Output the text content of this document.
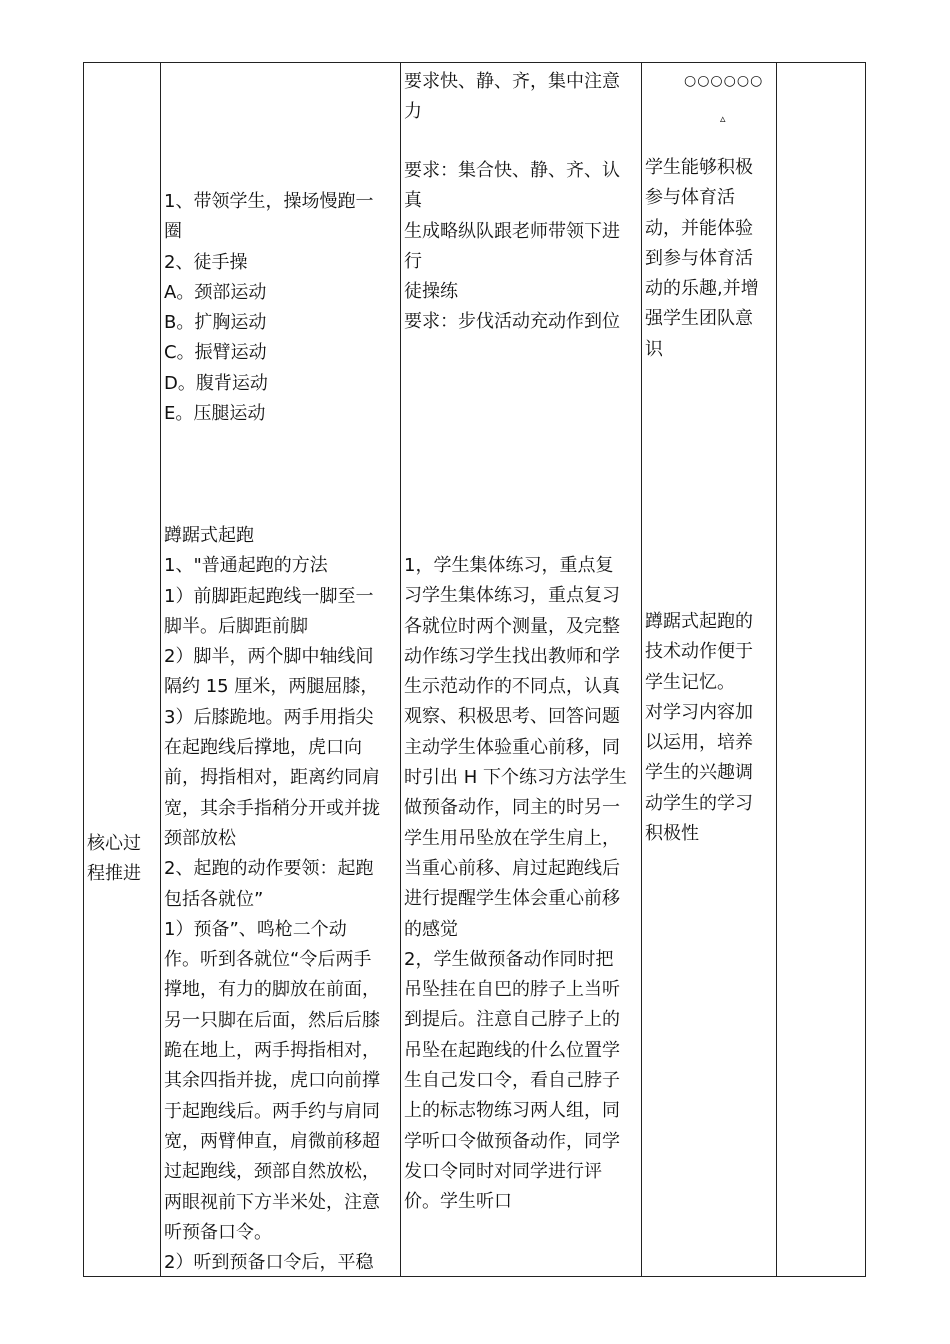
核心过
程推进
1、带领学生，操场慢跑一
圈
2、徒手操
A。颈部运动
B。扩胸运动
C。振臂运动
D。腹背运动
E。压腿运动
蹲踞式起跑
1、"普通起跑的方法
1）前脚距起跑线一脚至一
脚半。后脚距前脚
2）脚半，两个脚中轴线间
隔约 15 厘米，两腿屈膝，
3）后膝跪地。两手用指尖
在起跑线后撑地，虎口向
前，拇指相对，距离约同肩
宽，其余手指稍分开或并拢
颈部放松
2、起跑的动作要领：起跑
包括各就位”
1）预备”、鸣枪二个动
作。听到各就位“令后两手
撑地，有力的脚放在前面，
另一只脚在后面，然后后膝
跪在地上，两手拇指相对，
其余四指并拢，虎口向前撑
于起跑线后。两手约与肩同
宽，两臂伸直，肩微前移超
过起跑线，颈部自然放松，
两眼视前下方半米处，注意
听预备口令。
2）听到预备口令后，平稳
要求快、静、齐，集中注意
力
要求：集合快、静、齐、认
真
生成略纵队跟老师带领下进
行
徒操练
要求：步伐活动充动作到位
1，学生集体练习，重点复
习学生集体练习，重点复习
各就位时两个测量，及完整
动作练习学生找出教师和学
生示范动作的不同点，认真
观察、积极思考、回答问题
主动学生体验重心前移，同
时引出 H 下个练习方法学生
做预备动作，同主的时另一
学生用吊坠放在学生肩上，
当重心前移、肩过起跑线后
进行提醒学生体会重心前移
的感觉
2，学生做预备动作同时把
吊坠挂在自巴的脖子上当听
到提后。注意自己脖子上的
吊坠在起跑线的什么位置学
生自己发口令，看自己脖子
上的标志物练习两人组，同
学听口令做预备动作，同学
发口令同时对同学进行评
价。学生听口
○○○○○○
▵
学生能够积极
参与体育活
动，并能体验
到参与体育活
动的乐趣,并增
强学生团队意
识
蹲踞式起跑的
技术动作便于
学生记忆。
对学习内容加
以运用，培养
学生的兴趣调
动学生的学习
积极性
